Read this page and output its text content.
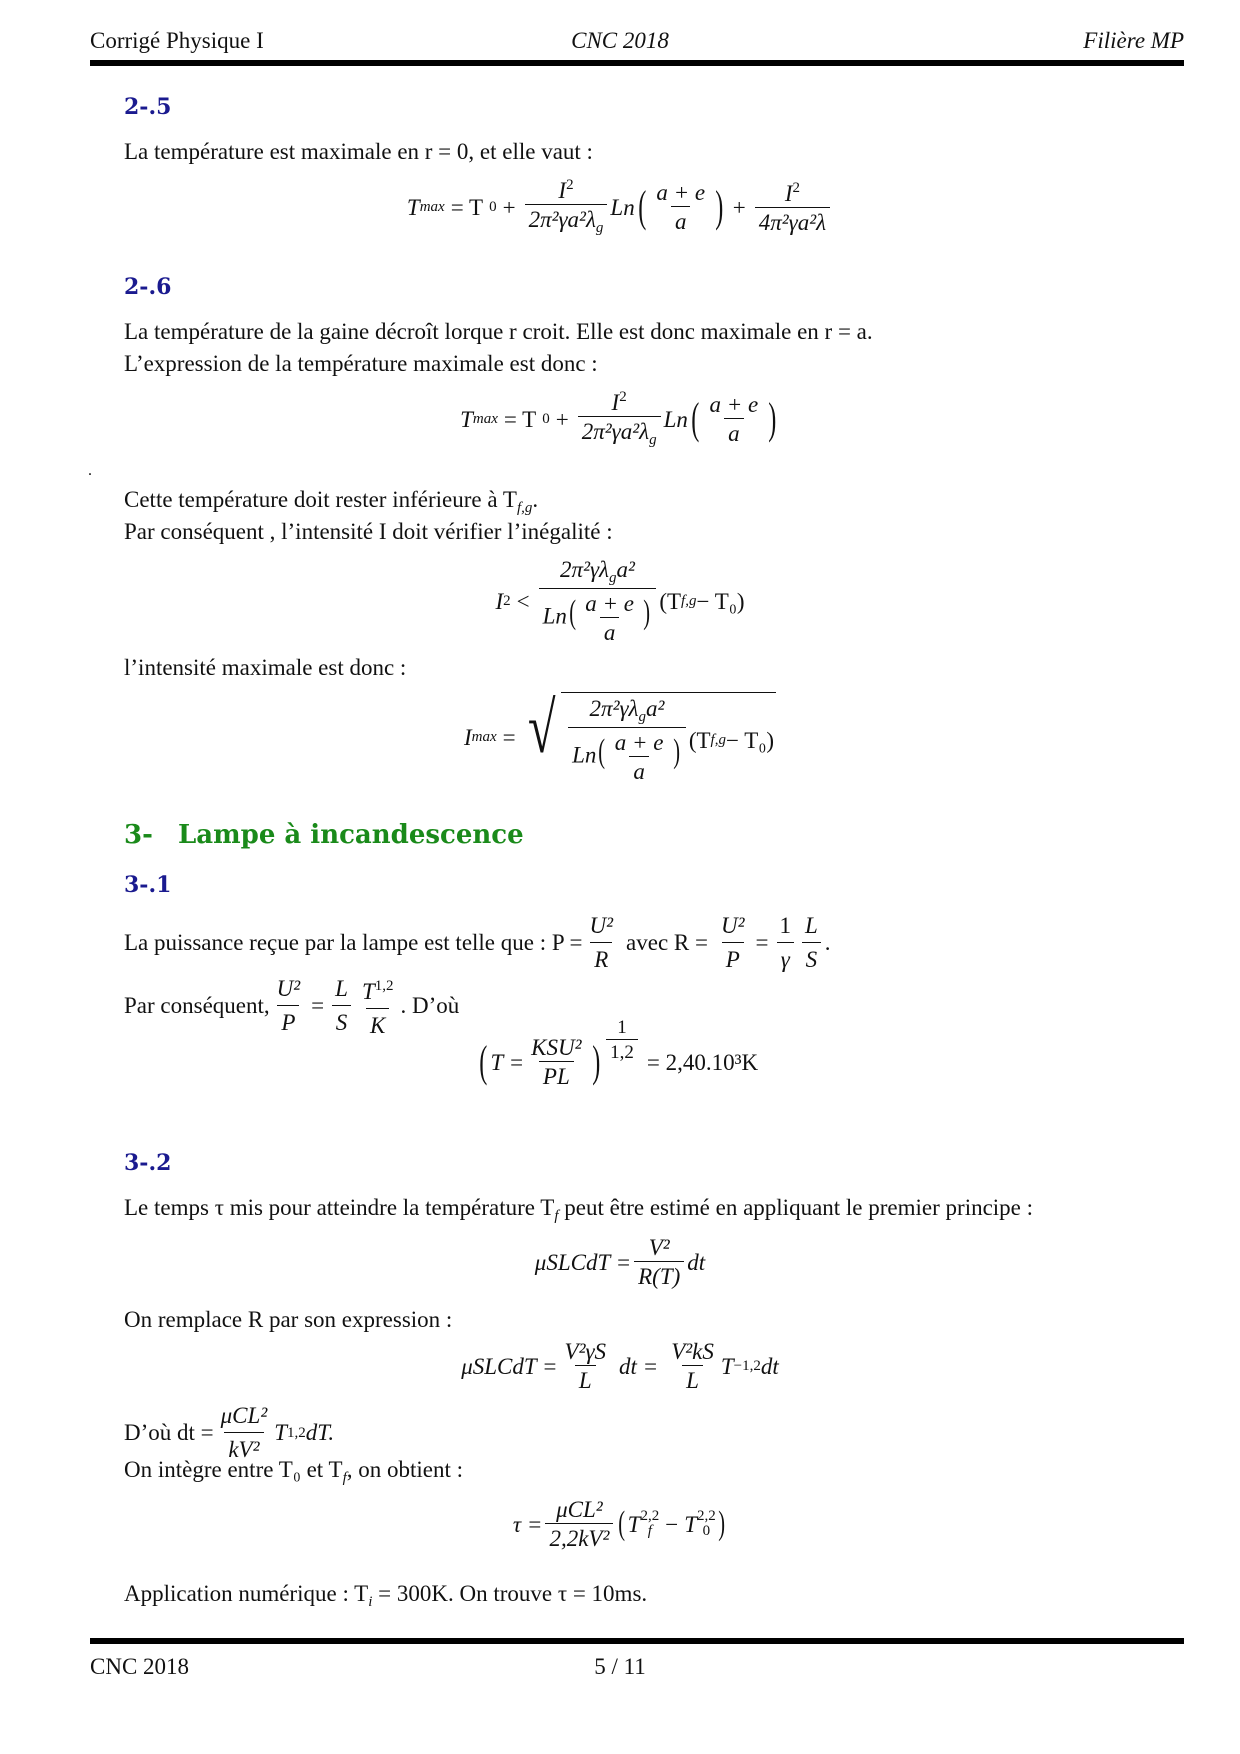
Corrigé Physique I	CNC 2018	Filière MP
2-.5
La température est maximale en r = 0, et elle vaut :
T max = T $0 + \frac{I^2}{2\pi^2\gamma a^2\lambda_g}$ Ln ( a + e
a ) + $\frac{I^2}{\text{4π²γa²λ}}$
2-.6
La température de la gaine décroît lorque r croit. Elle est donc maximale en r = a.
L’expression de la température maximale est donc :
T max = T $0 + \frac{I^2}{2\pi^2\gamma a^2\lambda_g}$ Ln ( a + e
a )
.
Cette température doit rester inférieure à $T_{f,g}$.
Par conséquent , l’intensité I doit vérifier l’inégalité :
I 2 <
$2\pi^2\gamma\lambda_ga^2$
$Ln( \frac{a + e}{a}$ ) (T f,g − T₀)
l’intensité maximale est donc :
I max = √ $2\pi^2\gamma\lambda_ga^2$
$Ln( \frac{a + e}{a}$ ) (T f,g − T₀)
3- Lampe à incandescence
3-.1
La puissance reçue par la lampe est telle que : $P = \frac{\text{U²}}{R}$ avec $R = \frac{\text{U²}}{P} = \frac{1}{\gamma}$ L
S
.
Par conséquent, $\frac{\text{U²}}{P} = \frac{L}{S} T^{1,2}$
K
. D’où
( T =
KSU²
PL ) $\frac{1}{1,2} = 2,40.10^3K$
3-.2
Le temps τ mis pour atteindre la température $T_f$ peut être estimé en appliquant le premier principe :
μSLCdT = $\frac{\text{V²}}{R(T)}$ dt
On remplace R par son expression :
μSLCdT = $\frac{\text{V²γS}}{L}$ dt = $\frac{\text{V²kS}}{L}$ T −1,2 dt
D’où dt =
μCL²
kV²
T 1,2 dT.
On intègre entre T₀ et $T_f$, on obtient :
τ =
μCL²
2,2kV² ( T 2,2
f − T 2,2
0 )
Application numérique : $T_i = 300K$. On trouve τ = 10ms.
CNC 2018	5 / 11
